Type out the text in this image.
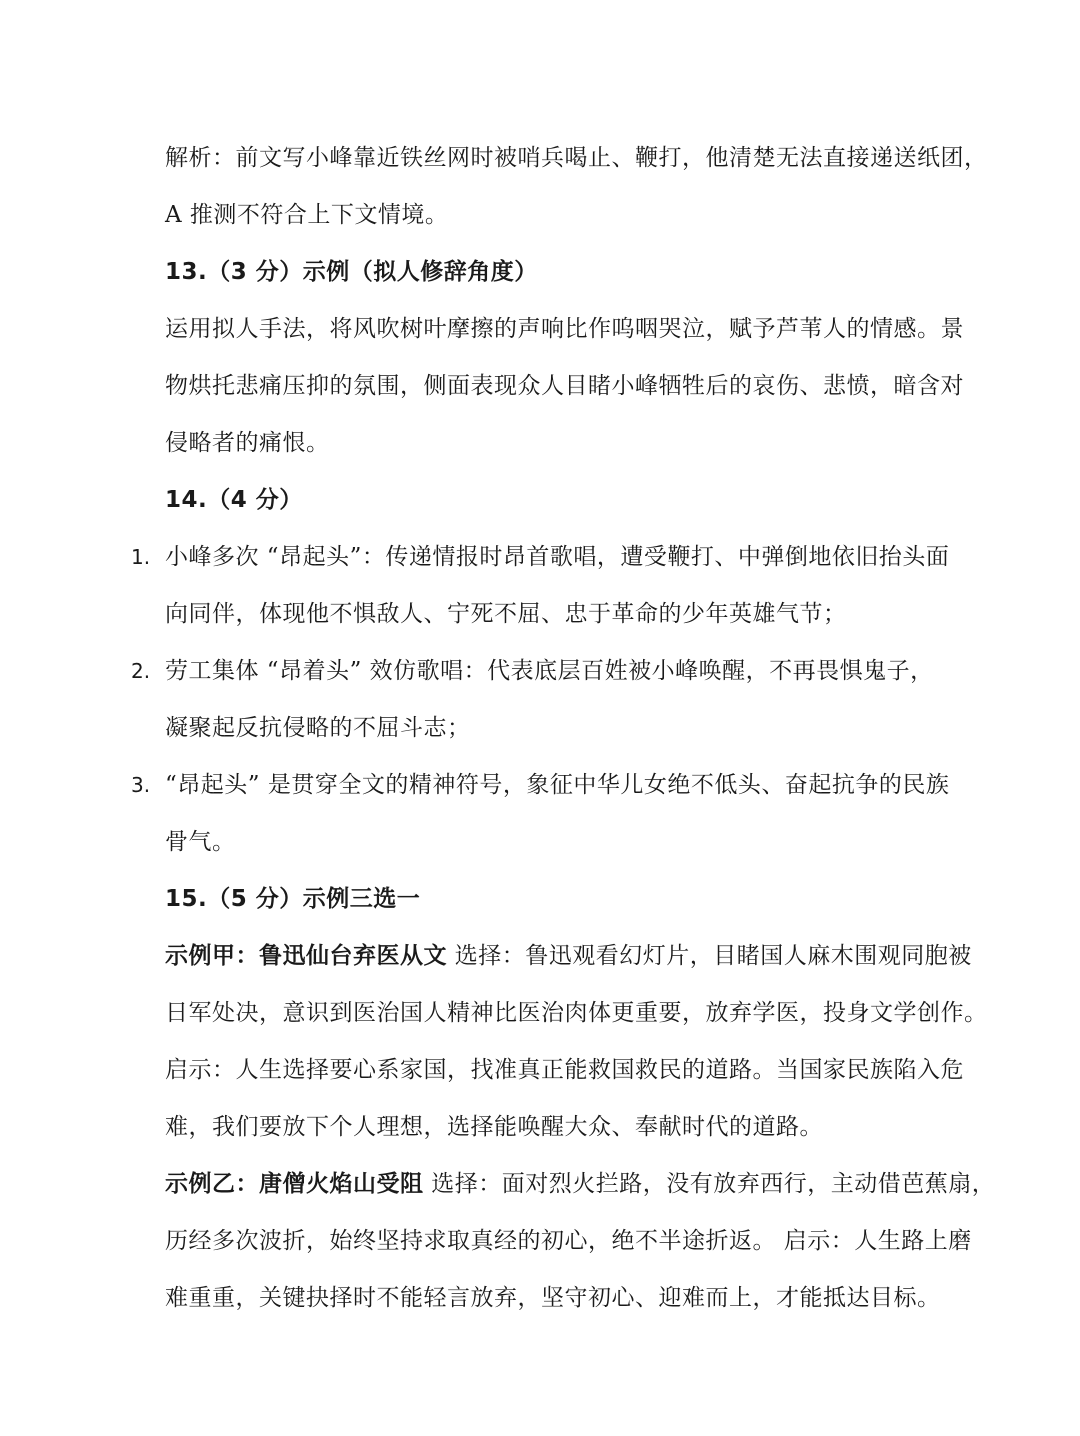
解析：前文写小峰靠近铁丝网时被哨兵喝止、鞭打，他清楚无法直接递送纸团，
A 推测不符合上下文情境。
13.（3 分）示例（拟人修辞角度）
运用拟人手法，将风吹树叶摩擦的声响比作呜咽哭泣，赋予芦苇人的情感。景
物烘托悲痛压抑的氛围，侧面表现众人目睹小峰牺牲后的哀伤、悲愤，暗含对
侵略者的痛恨。
14.（4 分）
1. 小峰多次 “昂起头”：传递情报时昂首歌唱，遭受鞭打、中弹倒地依旧抬头面
向同伴，体现他不惧敌人、宁死不屈、忠于革命的少年英雄气节；
2. 劳工集体 “昂着头” 效仿歌唱：代表底层百姓被小峰唤醒，不再畏惧鬼子，
凝聚起反抗侵略的不屈斗志；
3. “昂起头” 是贯穿全文的精神符号，象征中华儿女绝不低头、奋起抗争的民族
骨气。
15.（5 分）示例三选一
示例甲：鲁迅仙台弃医从文 选择：鲁迅观看幻灯片，目睹国人麻木围观同胞被
日军处决，意识到医治国人精神比医治肉体更重要，放弃学医，投身文学创作。
启示：人生选择要心系家国，找准真正能救国救民的道路。当国家民族陷入危
难，我们要放下个人理想，选择能唤醒大众、奉献时代的道路。
示例乙：唐僧火焰山受阻 选择：面对烈火拦路，没有放弃西行，主动借芭蕉扇，
历经多次波折，始终坚持求取真经的初心，绝不半途折返。 启示：人生路上磨
难重重，关键抉择时不能轻言放弃，坚守初心、迎难而上，才能抵达目标。
